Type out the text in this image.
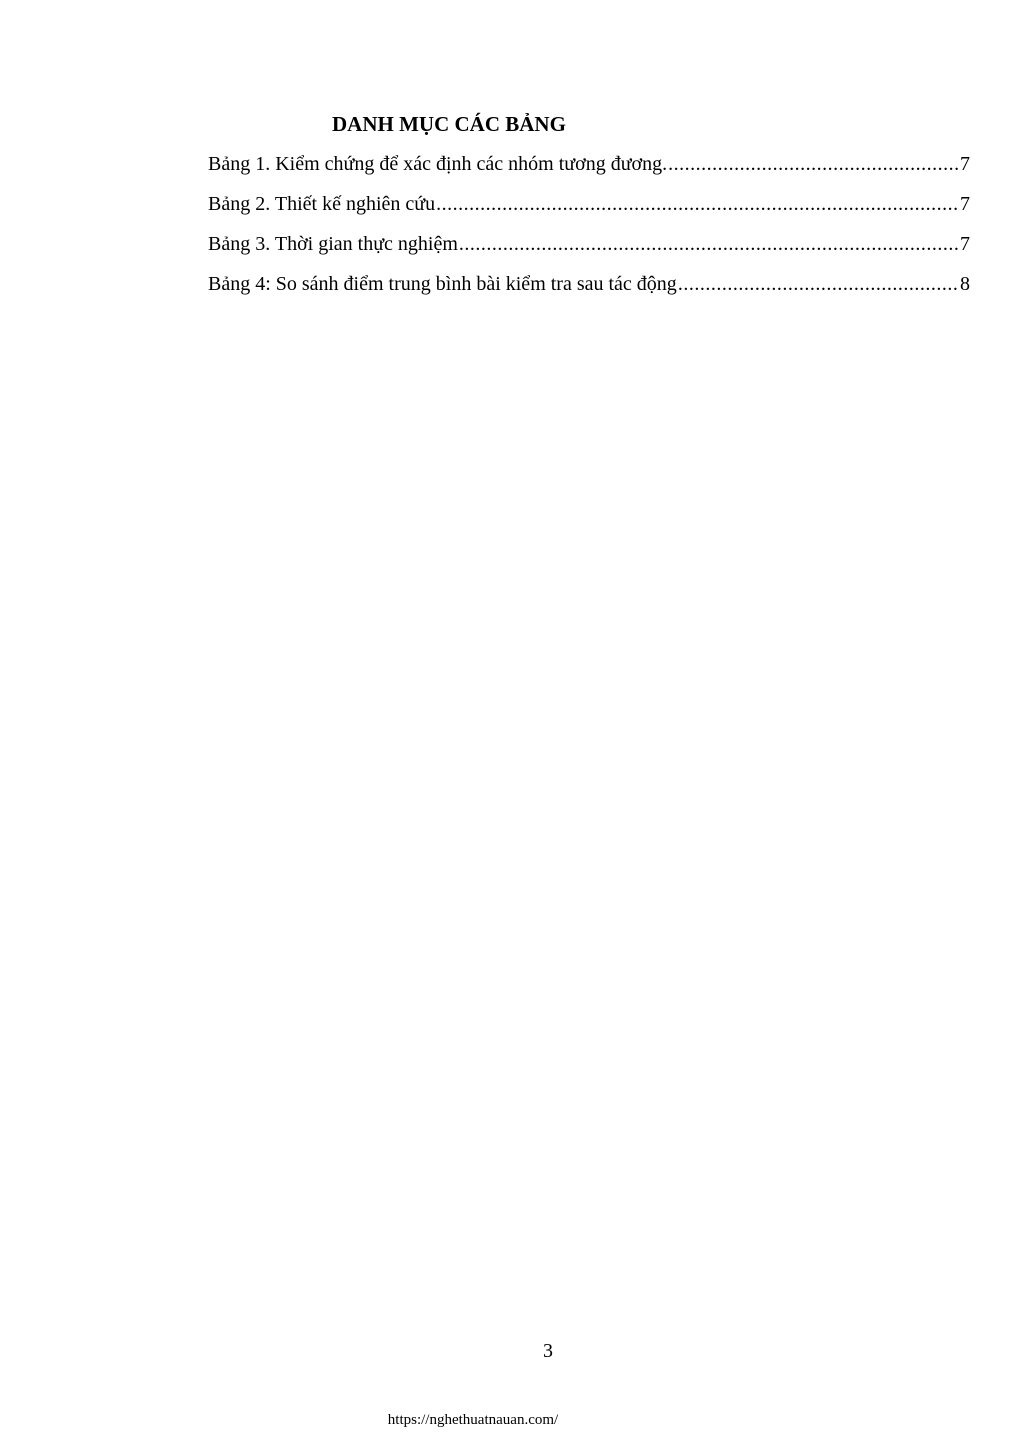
DANH MỤC CÁC BẢNG
Bảng 1. Kiểm chứng để xác định các nhóm tương đương. .....	7
Bảng 2. Thiết kế nghiên cứu .....	7
Bảng 3. Thời gian thực nghiệm .....	7
Bảng 4: So sánh điểm trung bình bài kiểm tra sau tác động .....	8
3
https://nghethuatnauan.com/
